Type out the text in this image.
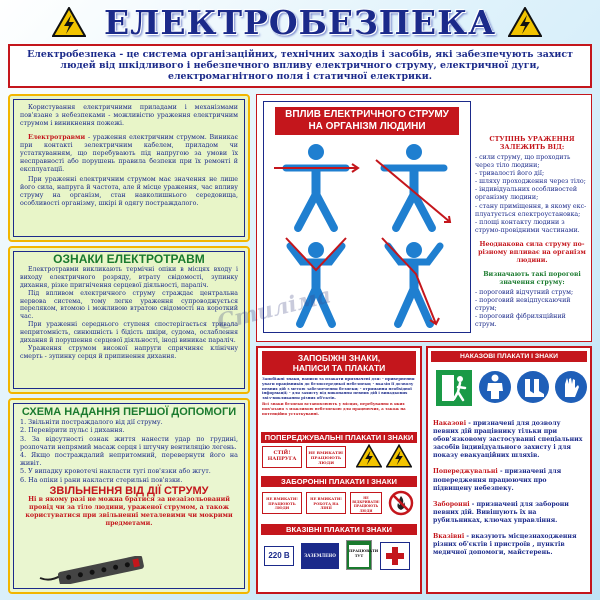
ЕЛЕКТРОБЕЗПЕКА
Електробезпека - це система організаційних, технічних заходів і засобів, які забезпечують захист людей від шкідливого і небезпечного впливу електричного струму, електричної дуги, електромагнітного поля і статичної електрики.

Користування електричними приладами і механізмами пов'язане з небезпеками - можливістю ураження електричним струмом і виникнення пожежі.

Електротравми - ураження електричним струмом. Виникає при контакті зелектричним кабелем, приладом чи устаткуванням, що перебувають під напругою за умови їх несправності або порушень правила безпеки при їх ремонті й експлуатації.

При ураженні електричним струмом має значення не лише його сила, напруга й частота, але й місце ураження, час впливу струму на організм, стан навколишнього середовища, особливості організму, шкірі й одягу постраждалого.

ОЗНАКИ ЕЛЕКТРОТРАВМ

Електротравми викликають термічні опіки в місцях входу і виходу електричного розряду, втрату свідомості, зупинку дихання, різке пригнічення серцевої діяльності, параліч.

Під впливом електричного струму страждає центральна нервова система, тому легке ураження супроводжується переляком, втомою і можливою втратою свідомості на короткий час.

При ураженні середнього ступеня спостерігається тривала непритомність, синюшність і бідість шкіри, судома, ослаблення дихання й порушення серцевої діяльності, іноді виникає параліч.

Ураження струмом високої напруги спричиняє клінічну смерть - зупинку серця й припинення дихання.

СХЕМА НАДАННЯ ПЕРШОЇ ДОПОМОГИ
1. Звільніти постраждалого від дії струму.
2. Перевірити пульс і дихання.
3. За відсутності ознак життя нанести удар по грудині, розпочати непрямий масаж серця і штучну вентиляцію легень.
4. Якщо постраждалий непритомний, перевернути його на живіт.
5. У випадку кровотечі накласти тугі пов'язки або жгут.
6. На опіки і рани накласти стерильні пов'язки.
ЗВІЛЬНЕННЯ ВІД ДІЇ СТРУМУ

Ні в якому разі не можна братися за незаізольований провід чи за тіло людини, ураженої струмом, а також користуватися при звільненні металевими чи мокрими предметами.

ВПЛИВ ЕЛЕКТРИЧНОГО СТРУМУ
НА ОРГАНІЗМ ЛЮДИНИ
СТУПІНЬ УРАЖЕННЯ ЗАЛЕЖИТЬ ВІД:
- сили струму, що проходить через тіло людини;
- тривалості його дії;
- шляху проходження через тіло;
- індивідуальних особливостей організму людини;
- стану приміщення, в якому екс-плуатується електроустановка;
- площі контакту людини з струмо-провідними частинами.
Неоднакова сила струму по-різному впливає на організм людини.
Визначають такі порогові значення струму:
- пороговий відчутний струм;
- пороговий невідпускаючий струм;
- пороговий фібриляційний струм.
Стиліма
ЗАПОБІЖНІ ЗНАКИ,
НАПИСИ ТА ПЛАКАТИ
Запобіжні знаки, написи та плакати призначені для: - привернення уваги працівників до безпосередньої небезпеки; - вказіп її дозволу певних дій з метою забезпечення безпеки; - отримання необхідної інформації; - для захисту від виконання певних дій і випадкових звіз-викликання різних об'єктів.
Всі знаки безпеки встановлюють у місцях, перебування в яких пов'язано з можливою небезпекою для працюючих, а також на потенційно устаткуванні.
ПОПЕРЕДЖУВАЛЬНІ ПЛАКАТИ І ЗНАКИ
СТІЙ! НАПРУГА
НЕ ВМИКАТИ! ПРАЦЮЮТЬ ЛЮДИ
ЗАБОРОННІ ПЛАКАТИ І ЗНАКИ
НЕ ВМИКАТИ! ПРАЦЮЮТЬ ЛЮДИ
НЕ ВМИКАТИ! РОБОТА НА ЛІНІЇ
НЕ ВІДКРИВАТИ! ПРАЦЮЮТЬ ЛЮДИ
ВКАЗІВНІ ПЛАКАТИ І ЗНАКИ
220 В	ЗАЗЕМЛЕНО
ПРАЦЮВАТИ ТУТ
НАКАЗОВІ ПЛАКАТИ І ЗНАКИ

Наказові - призначені для дозволу певних дій працівнику тільки при обов'язковому застосуванні спеціальних засобів індивідуального захисту і для показу евакуаційних шляхів.

Попереджувальні - призначені для попередження працюючих про підвищену небезпеку.

Заборонні - призначені для заборони певних дій. Вивішують їх на рубильниках, ключах управління.

Вказівні - вказують місцезнаходження різних об'єктів і пристроїв , пунктів медичної допомоги, майстерень.
